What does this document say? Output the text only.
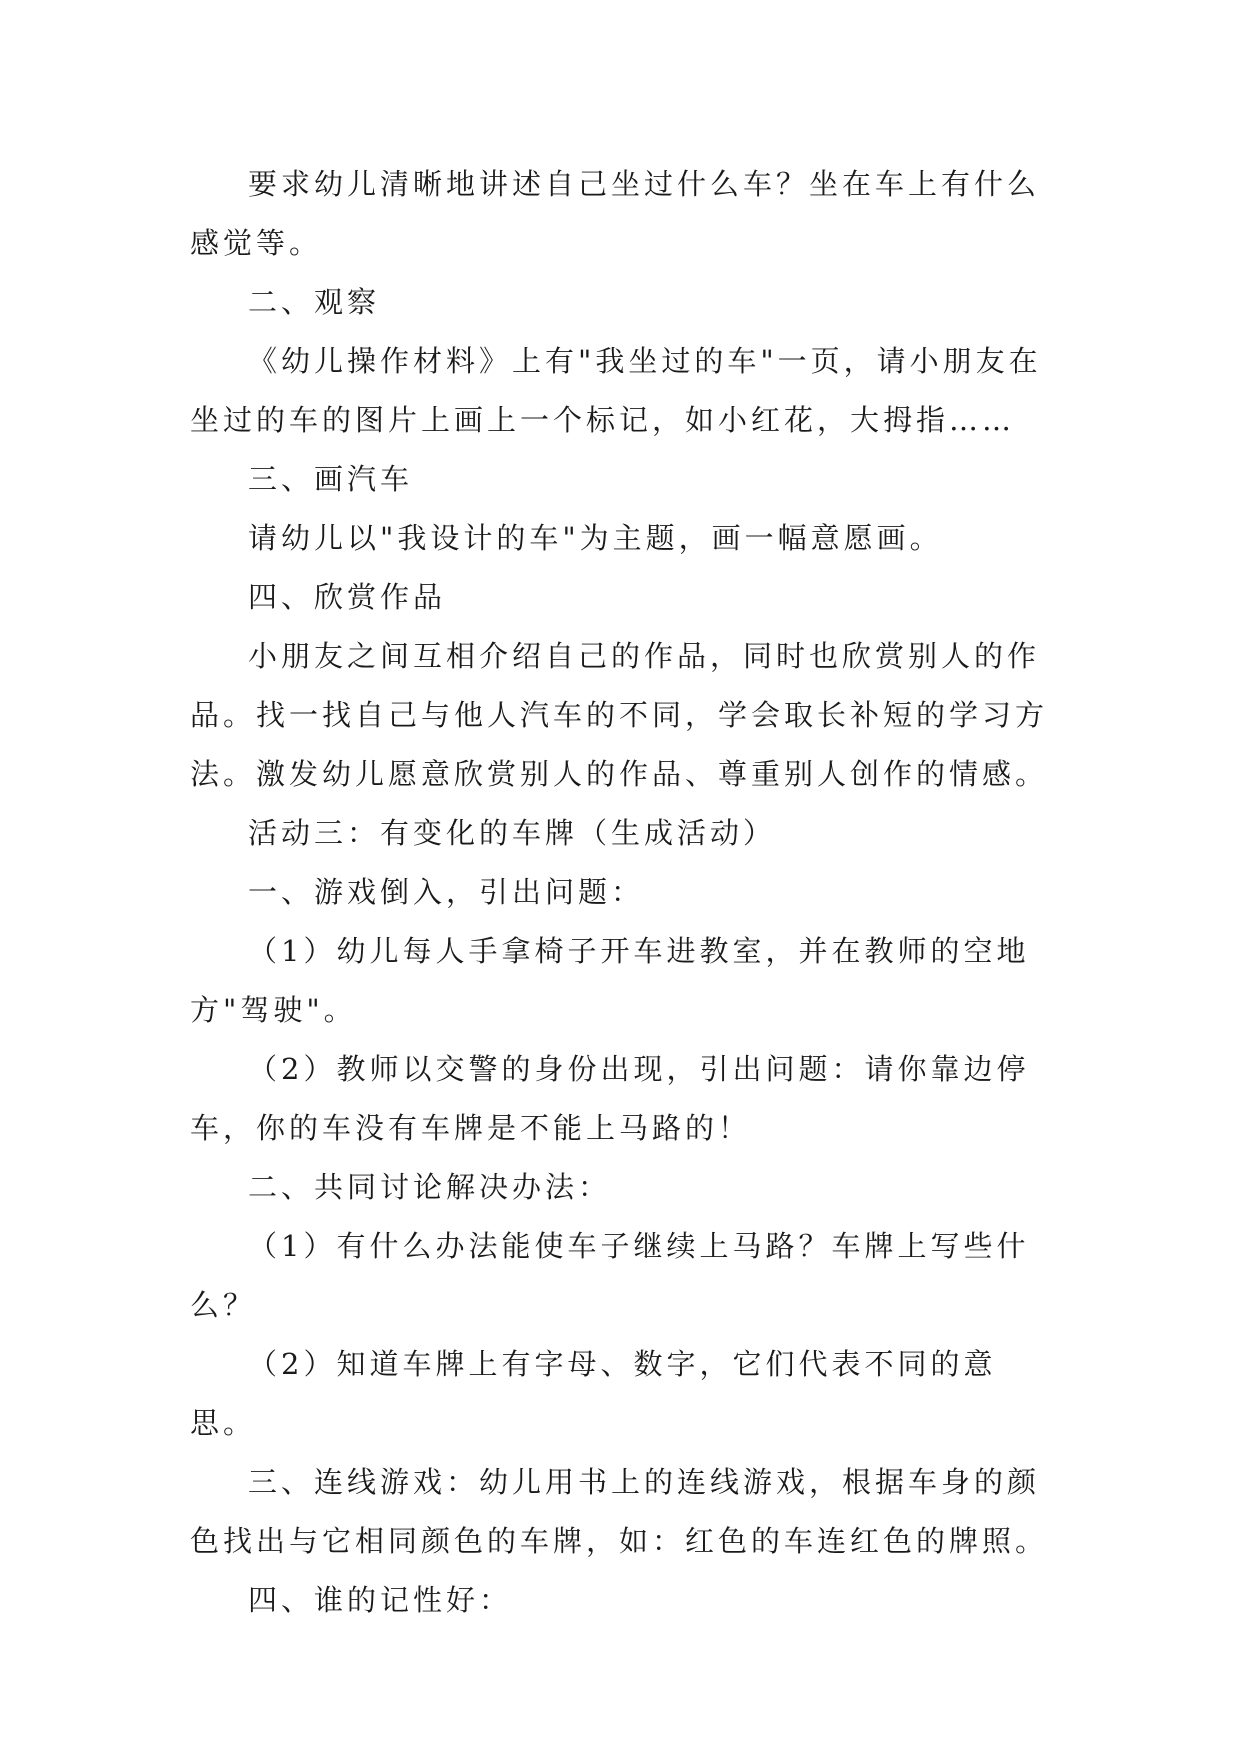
要求幼儿清晰地讲述自己坐过什么车？坐在车上有什么感觉等。

二、观察

《幼儿操作材料》上有"我坐过的车"一页，请小朋友在坐过的车的图片上画上一个标记，如小红花，大拇指……

三、画汽车

请幼儿以"我设计的车"为主题，画一幅意愿画。

四、欣赏作品

小朋友之间互相介绍自己的作品，同时也欣赏别人的作品。找一找自己与他人汽车的不同，学会取长补短的学习方法。激发幼儿愿意欣赏别人的作品、尊重别人创作的情感。

活动三：有变化的车牌（生成活动）

一、游戏倒入，引出问题：

（1）幼儿每人手拿椅子开车进教室，并在教师的空地方"驾驶"。

（2）教师以交警的身份出现，引出问题：请你靠边停车，你的车没有车牌是不能上马路的！

二、共同讨论解决办法：

（1）有什么办法能使车子继续上马路？车牌上写些什么？

（2）知道车牌上有字母、数字，它们代表不同的意思。

三、连线游戏：幼儿用书上的连线游戏，根据车身的颜色找出与它相同颜色的车牌，如：红色的车连红色的牌照。

四、谁的记性好：
